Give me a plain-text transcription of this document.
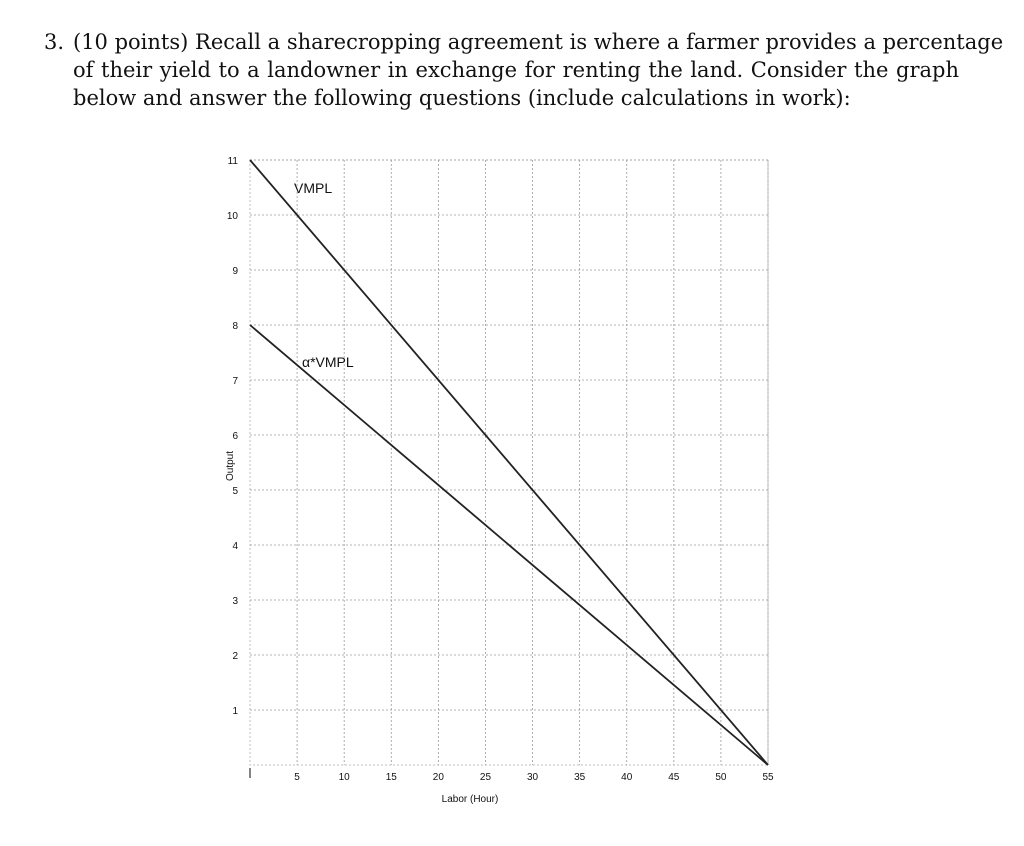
3. (10 points) Recall a sharecropping agreement is where a farmer provides a percentage
of their yield to a landowner in exchange for renting the land. Consider the graph
below and answer the following questions (include calculations in work):
5	10	15	20	25	30	35	40	45	50	55
1
2
3
4
5
6
7
8
9
10
11
Labor (Hour)
Output
VMPL
α*VMPL
